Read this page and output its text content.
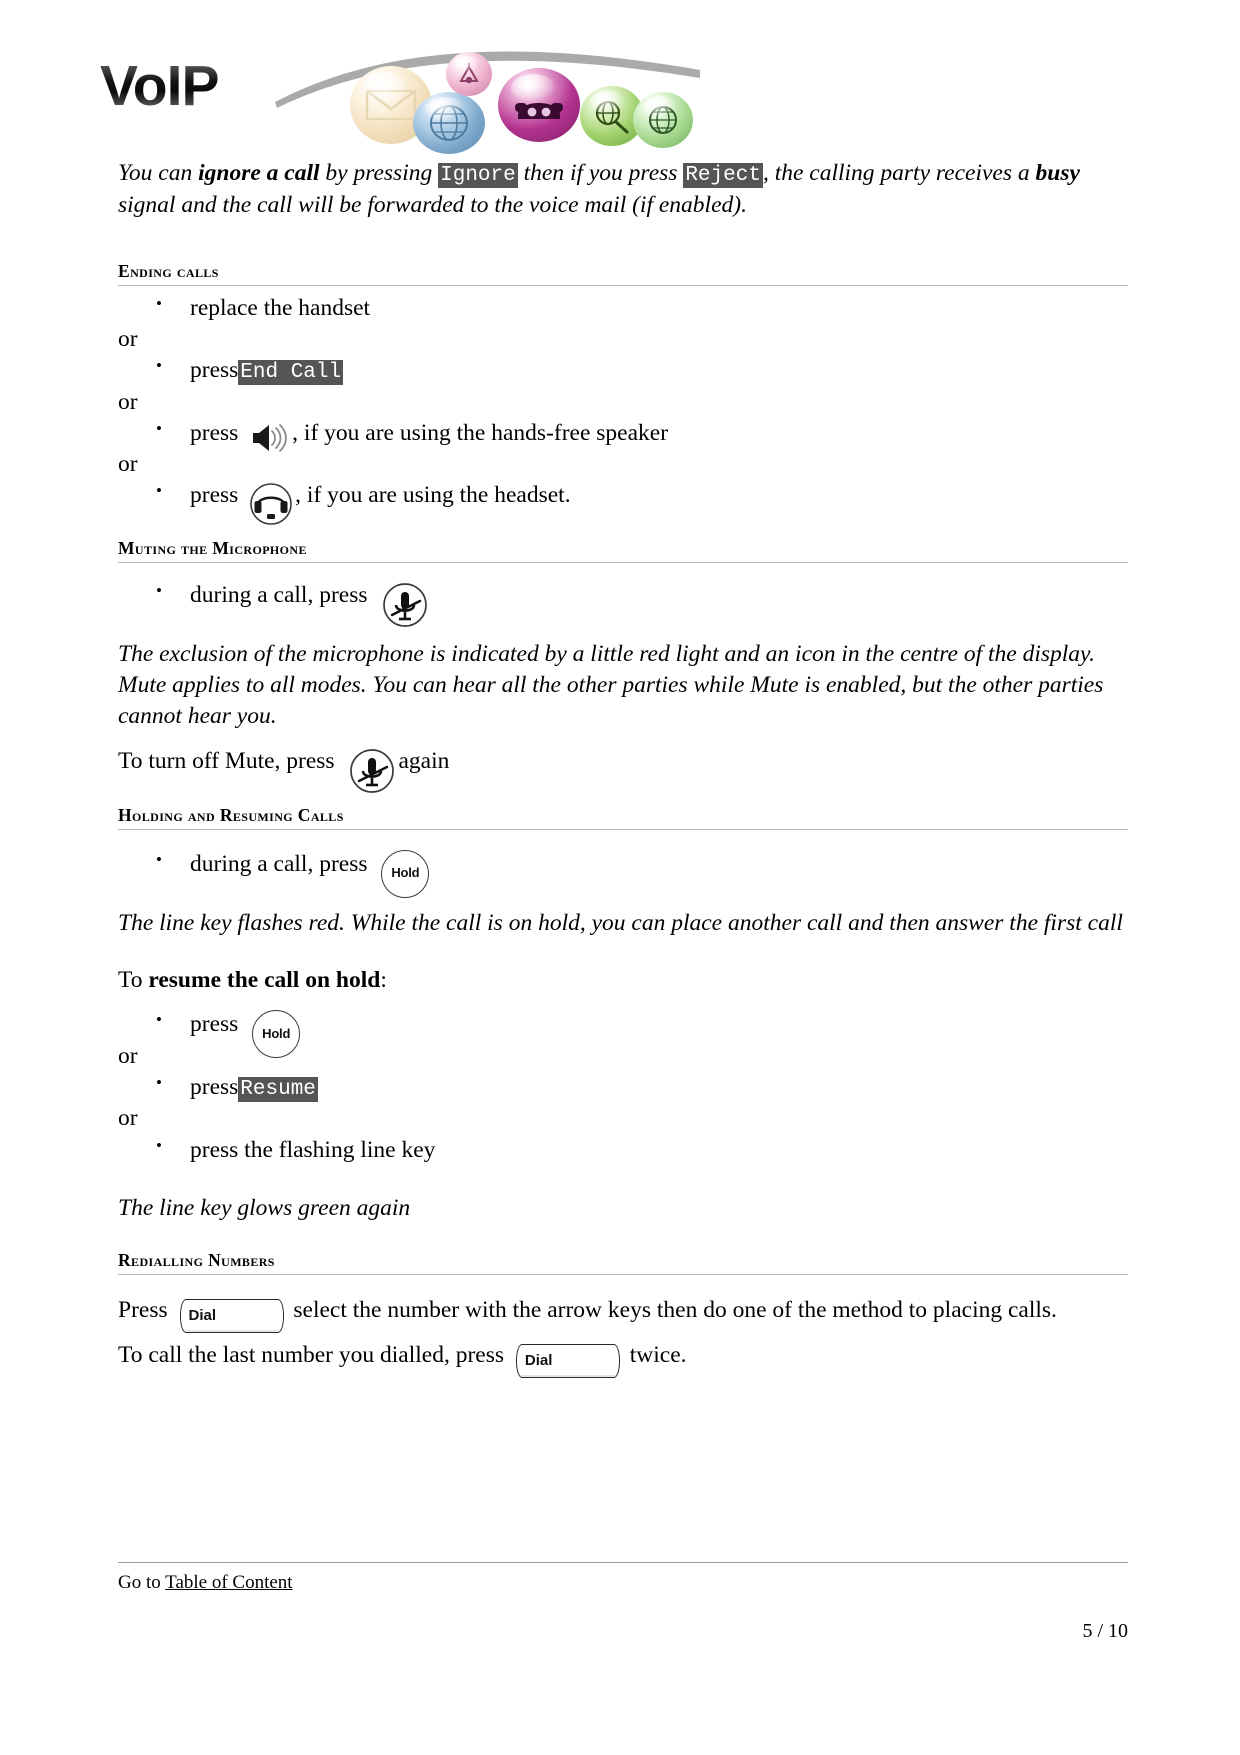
VoIP

You can ignore a call by pressing Ignore then if you press Reject, the calling party receives a busy signal and the call will be forwarded to the voice mail (if enabled).

Ending calls
• replace the handset
or
• pressEnd Call
or
• press , if you are using the hands-free speaker
or
• press , if you are using the headset.
Muting the Microphone
• during a call, press

The exclusion of the microphone is indicated by a little red light and an icon in the centre of the display. Mute applies to all modes. You can hear all the other parties while Mute is enabled, but the other parties cannot hear you.

To turn off Mute, press	again

Holding and Resuming Calls
• during a call, press Hold

The line key flashes red. While the call is on hold, you can place another call and then answer the first call

To resume the call on hold:

• press Hold
or
• pressResume
or
• press the flashing line key

The line key glows green again

Redialling Numbers

Press Dial	select the number with the arrow keys then do one of the method to placing calls.

To call the last number you dialled, press Dial	twice.

Go to Table of Content
5 / 10
